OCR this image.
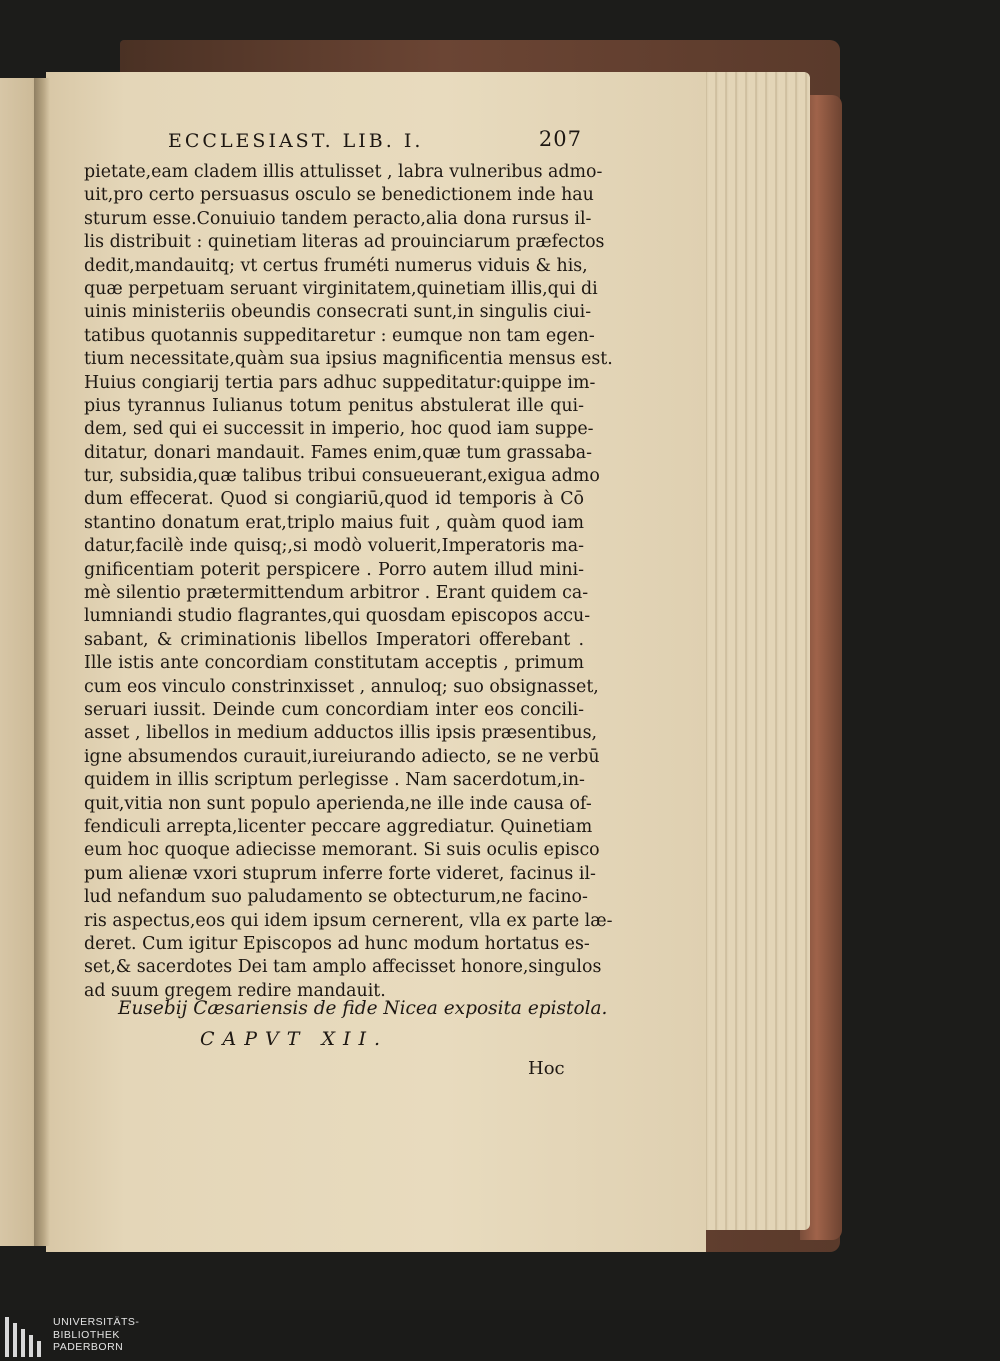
ECCLESIAST. LIB. I.	207
pietate,eam cladem illis attulisset , labra vulneribus admo-
uit,pro certo persuasus osculo se benedictionem inde hau
sturum esse.Conuiuio tandem peracto,alia dona rursus il-
lis distribuit : quinetiam literas ad prouinciarum præfectos
dedit,mandauitq; vt certus fruméti numerus viduis & his,
quæ perpetuam seruant virginitatem,quinetiam illis,qui di
uinis ministeriis obeundis consecrati sunt,in singulis ciui-
tatibus quotannis suppeditaretur : eumque non tam egen-
tium necessitate,quàm sua ipsius magnificentia mensus est.
Huius congiarij tertia pars adhuc suppeditatur:quippe im-
pius tyrannus Iulianus totum penitus abstulerat ille qui-
dem, sed qui ei successit in imperio, hoc quod iam suppe-
ditatur, donari mandauit. Fames enim,quæ tum grassaba-
tur, subsidia,quæ talibus tribui consueuerant,exigua admo
dum effecerat. Quod si congiariū,quod id temporis à Cō
stantino donatum erat,triplo maius fuit , quàm quod iam
datur,facilè inde quisq;,si modò voluerit,Imperatoris ma-
gnificentiam poterit perspicere . Porro autem illud mini-
mè silentio prætermittendum arbitror . Erant quidem ca-
lumniandi studio flagrantes,qui quosdam episcopos accu-
sabant, & criminationis libellos Imperatori offerebant .
Ille istis ante concordiam constitutam acceptis , primum
cum eos vinculo constrinxisset , annuloq; suo obsignasset,
seruari iussit. Deinde cum concordiam inter eos concili-
asset , libellos in medium adductos illis ipsis præsentibus,
igne absumendos curauit,iureiurando adiecto, se ne verbū
quidem in illis scriptum perlegisse . Nam sacerdotum,in-
quit,vitia non sunt populo aperienda,ne ille inde causa of-
fendiculi arrepta,licenter peccare aggrediatur. Quinetiam
eum hoc quoque adiecisse memorant. Si suis oculis episco
pum alienæ vxori stuprum inferre forte videret, facinus il-
lud nefandum suo paludamento se obtecturum,ne facino-
ris aspectus,eos qui idem ipsum cernerent, vlla ex parte læ-
deret. Cum igitur Episcopos ad hunc modum hortatus es-
set,& sacerdotes Dei tam amplo affecisset honore,singulos
ad suum gregem redire mandauit.
Eusebij Cæsariensis de fide Nicea exposita epistola.
CAPVT XII.
Hoc
UNIVERSITÄTS-
BIBLIOTHEK
PADERBORN
